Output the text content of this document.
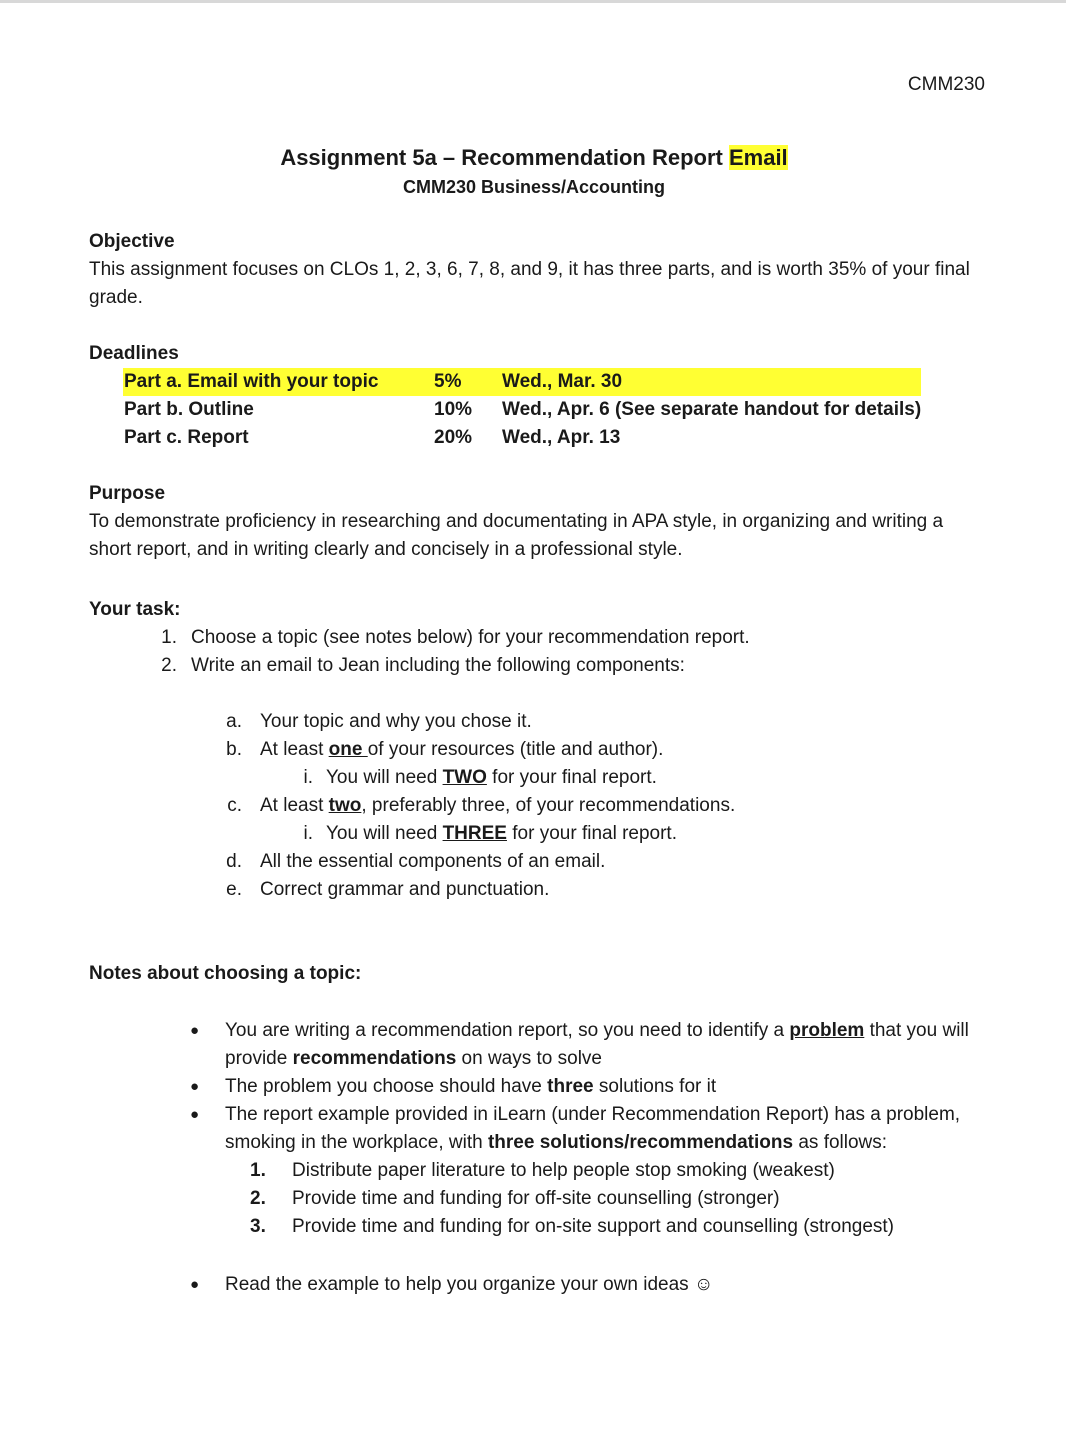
CMM230
Assignment 5a – Recommendation Report Email
CMM230 Business/Accounting
Objective

This assignment focuses on CLOs 1, 2, 3, 6, 7, 8, and 9, it has three parts, and is worth 35% of your final grade.

Deadlines
Part a. Email with your topic	5%	Wed., Mar. 30
Part b. Outline	10%	Wed., Apr. 6 (See separate handout for details)
Part c. Report	20%	Wed., Apr. 13
Purpose

To demonstrate proficiency in researching and documentating in APA style, in organizing and writing a short report, and in writing clearly and concisely in a professional style.

Your task:
1. Choose a topic (see notes below) for your recommendation report.
2. Write an email to Jean including the following components:
a. Your topic and why you chose it.
b. At least one of your resources (title and author).
i. You will need TWO for your final report.
c. At least two, preferably three, of your recommendations.
i. You will need THREE for your final report.
d. All the essential components of an email.
e. Correct grammar and punctuation.
Notes about choosing a topic:
● You are writing a recommendation report, so you need to identify a problem that you will provide recommendations on ways to solve
● The problem you choose should have three solutions for it
● The report example provided in iLearn (under Recommendation Report) has a problem, smoking in the workplace, with three solutions/recommendations as follows:
1. Distribute paper literature to help people stop smoking (weakest)
2. Provide time and funding for off-site counselling (stronger)
3. Provide time and funding for on-site support and counselling (strongest)
● Read the example to help you organize your own ideas ☺
